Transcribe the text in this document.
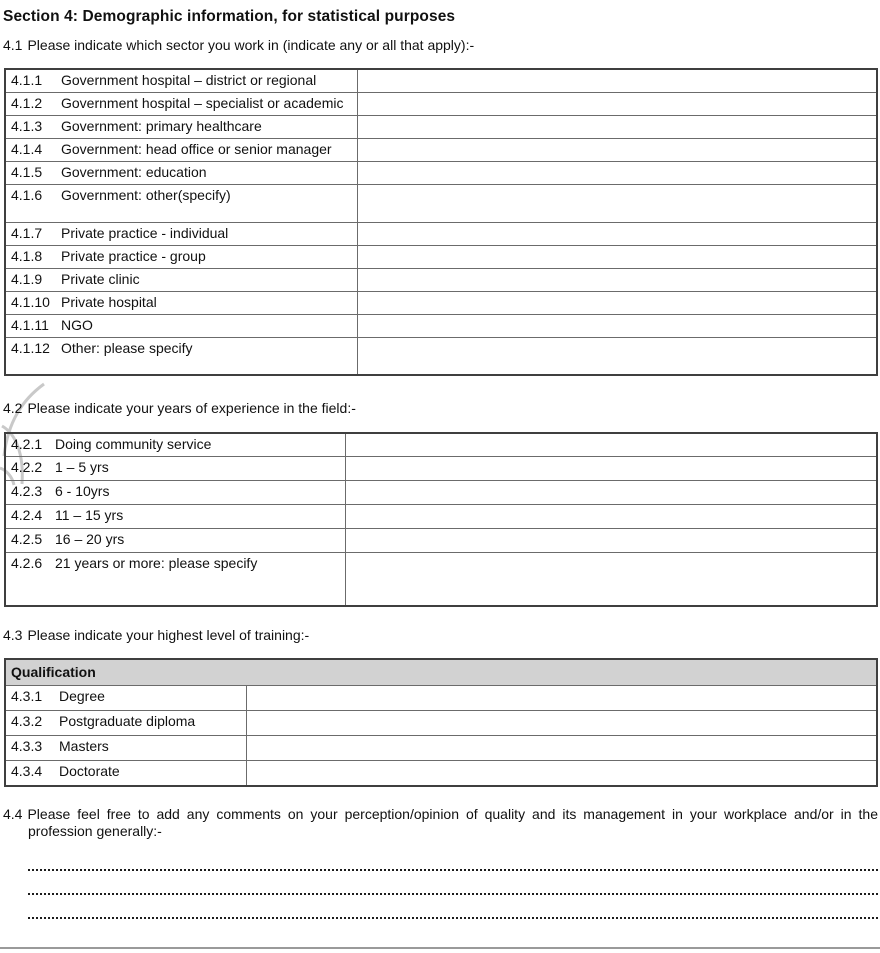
Section 4: Demographic information, for statistical purposes

4.1 Please indicate which sector you work in (indicate any or all that apply):-

4.1.1 Government hospital – district or regional	
4.1.2 Government hospital – specialist or academic	
4.1.3 Government: primary healthcare	
4.1.4 Government: head office or senior manager	
4.1.5 Government: education	
4.1.6 Government: other(specify)	
4.1.7 Private practice - individual	
4.1.8 Private practice - group	
4.1.9 Private clinic	
4.1.10 Private hospital	
4.1.11 NGO	
4.1.12 Other: please specify	

4.2 Please indicate your years of experience in the field:-

4.2.1 Doing community service	
4.2.2 1 – 5 yrs	
4.2.3 6 - 10yrs	
4.2.4 11 – 15 yrs	
4.2.5 16 – 20 yrs	
4.2.6 21 years or more: please specify	

4.3 Please indicate your highest level of training:-

Qualification	
4.3.1 Degree	
4.3.2 Postgraduate diploma	
4.3.3 Masters	
4.3.4 Doctorate	

4.4 Please feel free to add any comments on your perception/opinion of quality and its management in your workplace and/or in the profession generally:-
